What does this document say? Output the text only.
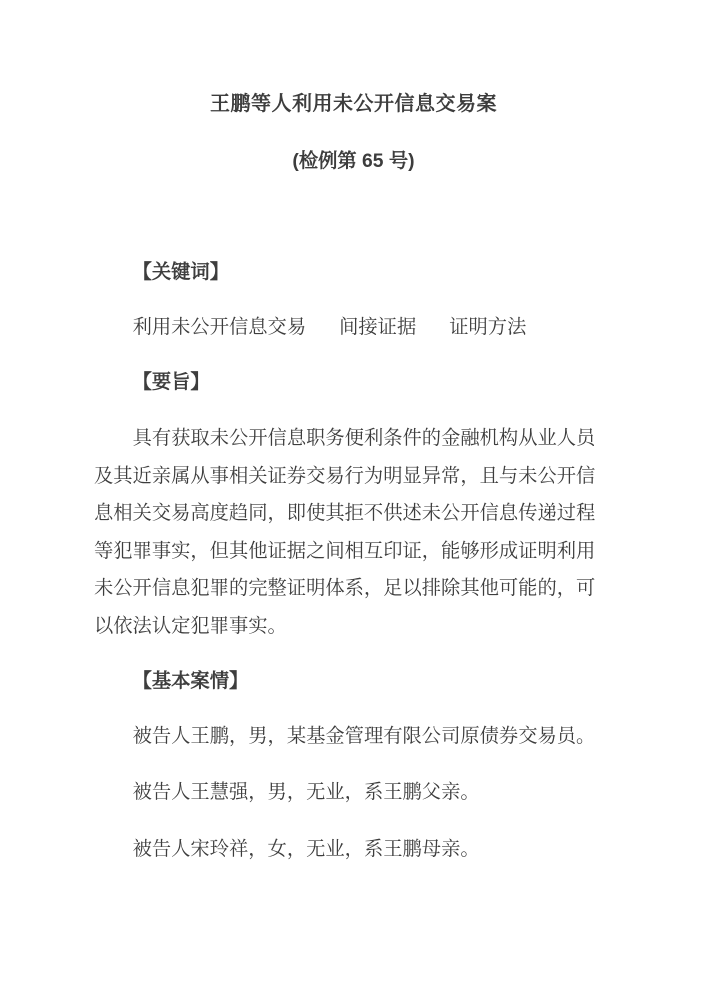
王鹏等人利用未公开信息交易案
(检例第 65 号)
【关键词】
利用未公开信息交易 间接证据 证明方法
【要旨】

具有获取未公开信息职务便利条件的金融机构从业人员及其近亲属从事相关证券交易行为明显异常，且与未公开信息相关交易高度趋同，即使其拒不供述未公开信息传递过程等犯罪事实，但其他证据之间相互印证，能够形成证明利用未公开信息犯罪的完整证明体系，足以排除其他可能的，可以依法认定犯罪事实。

【基本案情】

被告人王鹏，男，某基金管理有限公司原债券交易员。

被告人王慧强，男，无业，系王鹏父亲。

被告人宋玲祥，女，无业，系王鹏母亲。
